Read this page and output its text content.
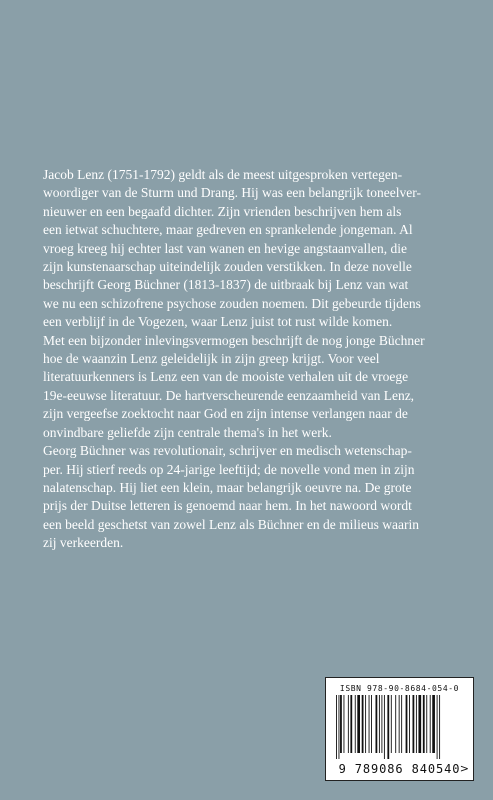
Jacob Lenz (1751-1792) geldt als de meest uitgesproken vertegen-
woordiger van de Sturm und Drang. Hij was een belangrijk toneelver-
nieuwer en een begaafd dichter. Zijn vrienden beschrijven hem als
een ietwat schuchtere, maar gedreven en sprankelende jongeman. Al
vroeg kreeg hij echter last van wanen en hevige angstaanvallen, die
zijn kunstenaarschap uiteindelijk zouden verstikken. In deze novelle
beschrijft Georg Büchner (1813-1837) de uitbraak bij Lenz van wat
we nu een schizofrene psychose zouden noemen. Dit gebeurde tijdens
een verblijf in de Vogezen, waar Lenz juist tot rust wilde komen.
Met een bijzonder inlevingsvermogen beschrijft de nog jonge Büchner
hoe de waanzin Lenz geleidelijk in zijn greep krijgt. Voor veel
literatuurkenners is Lenz een van de mooiste verhalen uit de vroege
19e-eeuwse literatuur. De hartverscheurende eenzaamheid van Lenz,
zijn vergeefse zoektocht naar God en zijn intense verlangen naar de
onvindbare geliefde zijn centrale thema's in het werk.
Georg Büchner was revolutionair, schrijver en medisch wetenschap-
per. Hij stierf reeds op 24-jarige leeftijd; de novelle vond men in zijn
nalatenschap. Hij liet een klein, maar belangrijk oeuvre na. De grote
prijs der Duitse letteren is genoemd naar hem. In het nawoord wordt
een beeld geschetst van zowel Lenz als Büchner en de milieus waarin
zij verkeerden.
ISBN 978-90-8684-054-0
9 789086 840540 >
